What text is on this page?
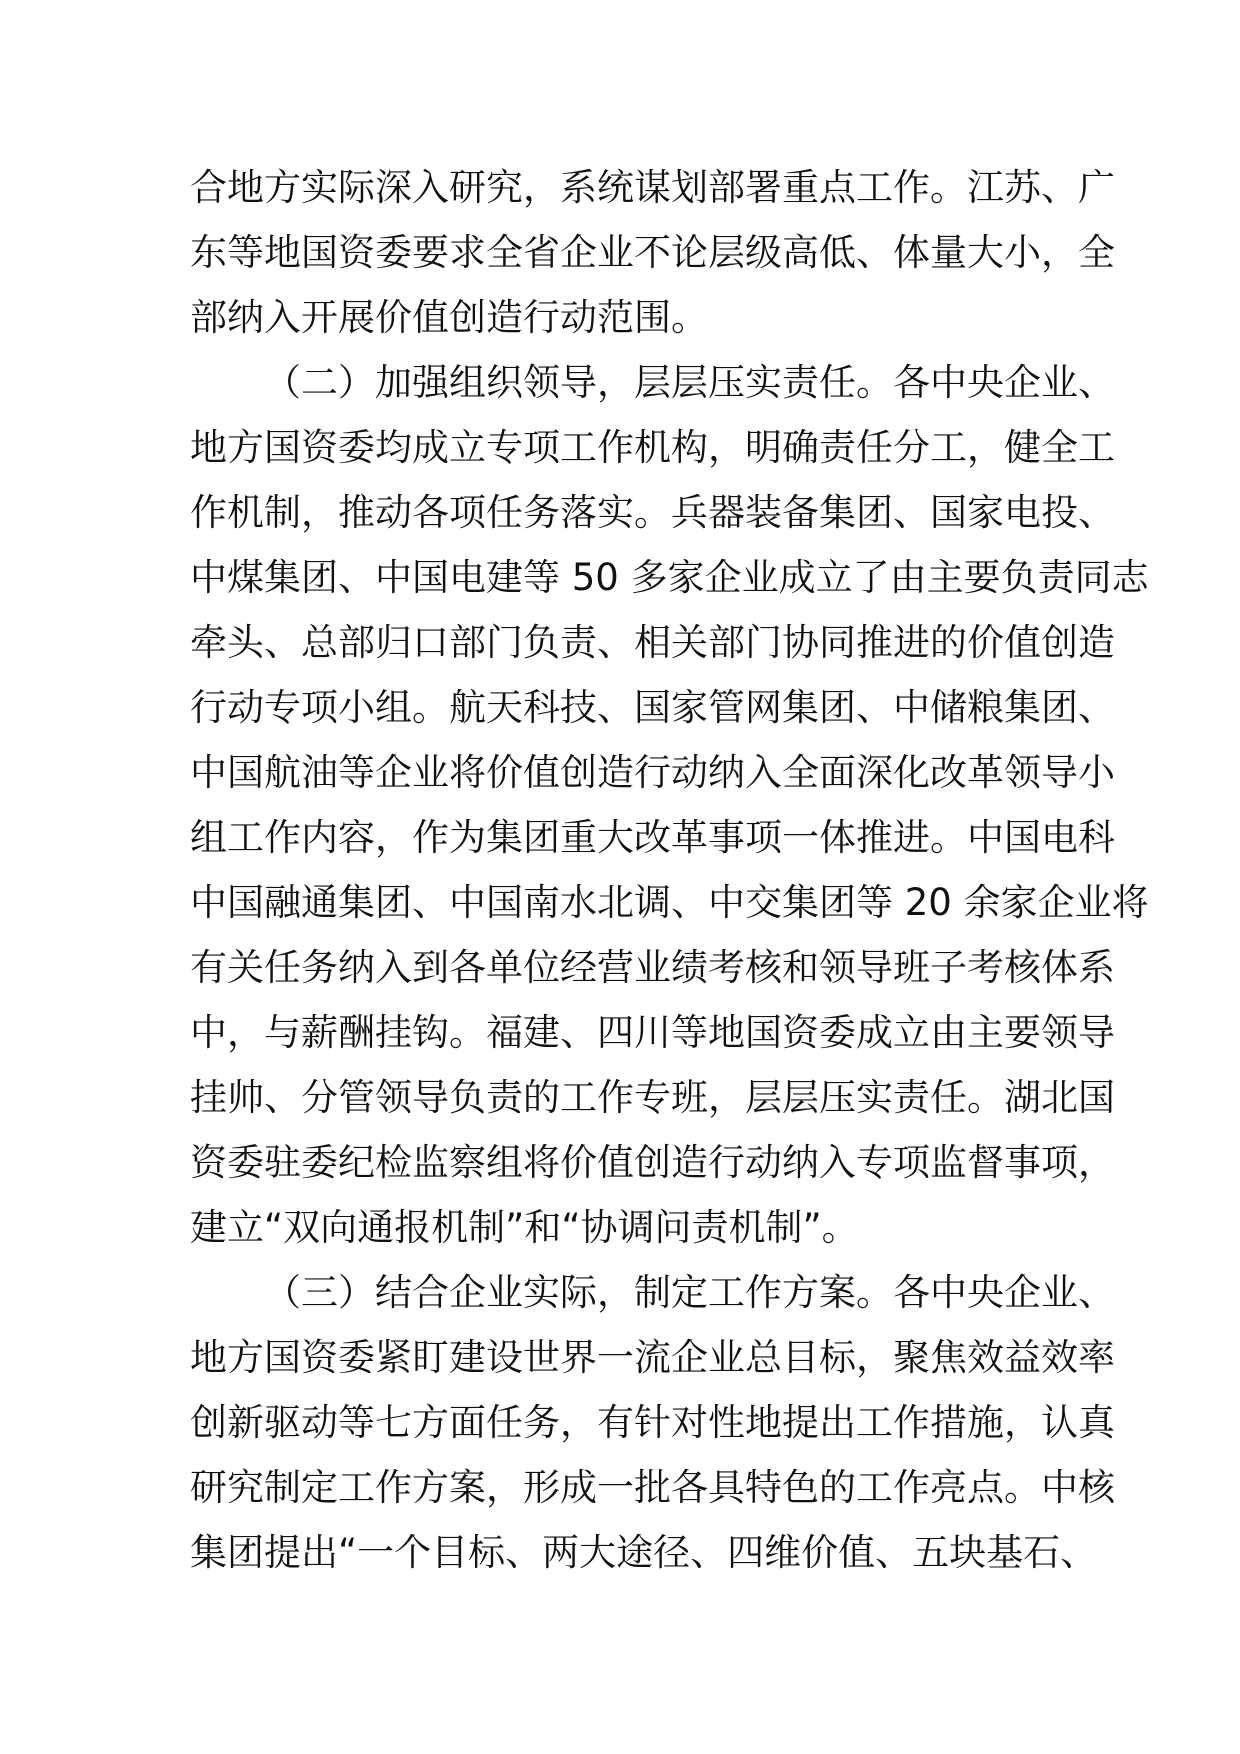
合地方实际深入研究，系统谋划部署重点工作。江苏、广
东等地国资委要求全省企业不论层级高低、体量大小，全
部纳入开展价值创造行动范围。
（二）加强组织领导，层层压实责任。各中央企业、
地方国资委均成立专项工作机构，明确责任分工，健全工
作机制，推动各项任务落实。兵器装备集团、国家电投、
中煤集团、中国电建等 50 多家企业成立了由主要负责同志
牵头、总部归口部门负责、相关部门协同推进的价值创造
行动专项小组。航天科技、国家管网集团、中储粮集团、
中国航油等企业将价值创造行动纳入全面深化改革领导小
组工作内容，作为集团重大改革事项一体推进。中国电科
中国融通集团、中国南水北调、中交集团等 20 余家企业将
有关任务纳入到各单位经营业绩考核和领导班子考核体系
中，与薪酬挂钩。福建、四川等地国资委成立由主要领导
挂帅、分管领导负责的工作专班，层层压实责任。湖北国
资委驻委纪检监察组将价值创造行动纳入专项监督事项，
建立“双向通报机制”和“协调问责机制”。
（三）结合企业实际，制定工作方案。各中央企业、
地方国资委紧盯建设世界一流企业总目标，聚焦效益效率
创新驱动等七方面任务，有针对性地提出工作措施，认真
研究制定工作方案，形成一批各具特色的工作亮点。中核
集团提出“一个目标、两大途径、四维价值、五块基石、
